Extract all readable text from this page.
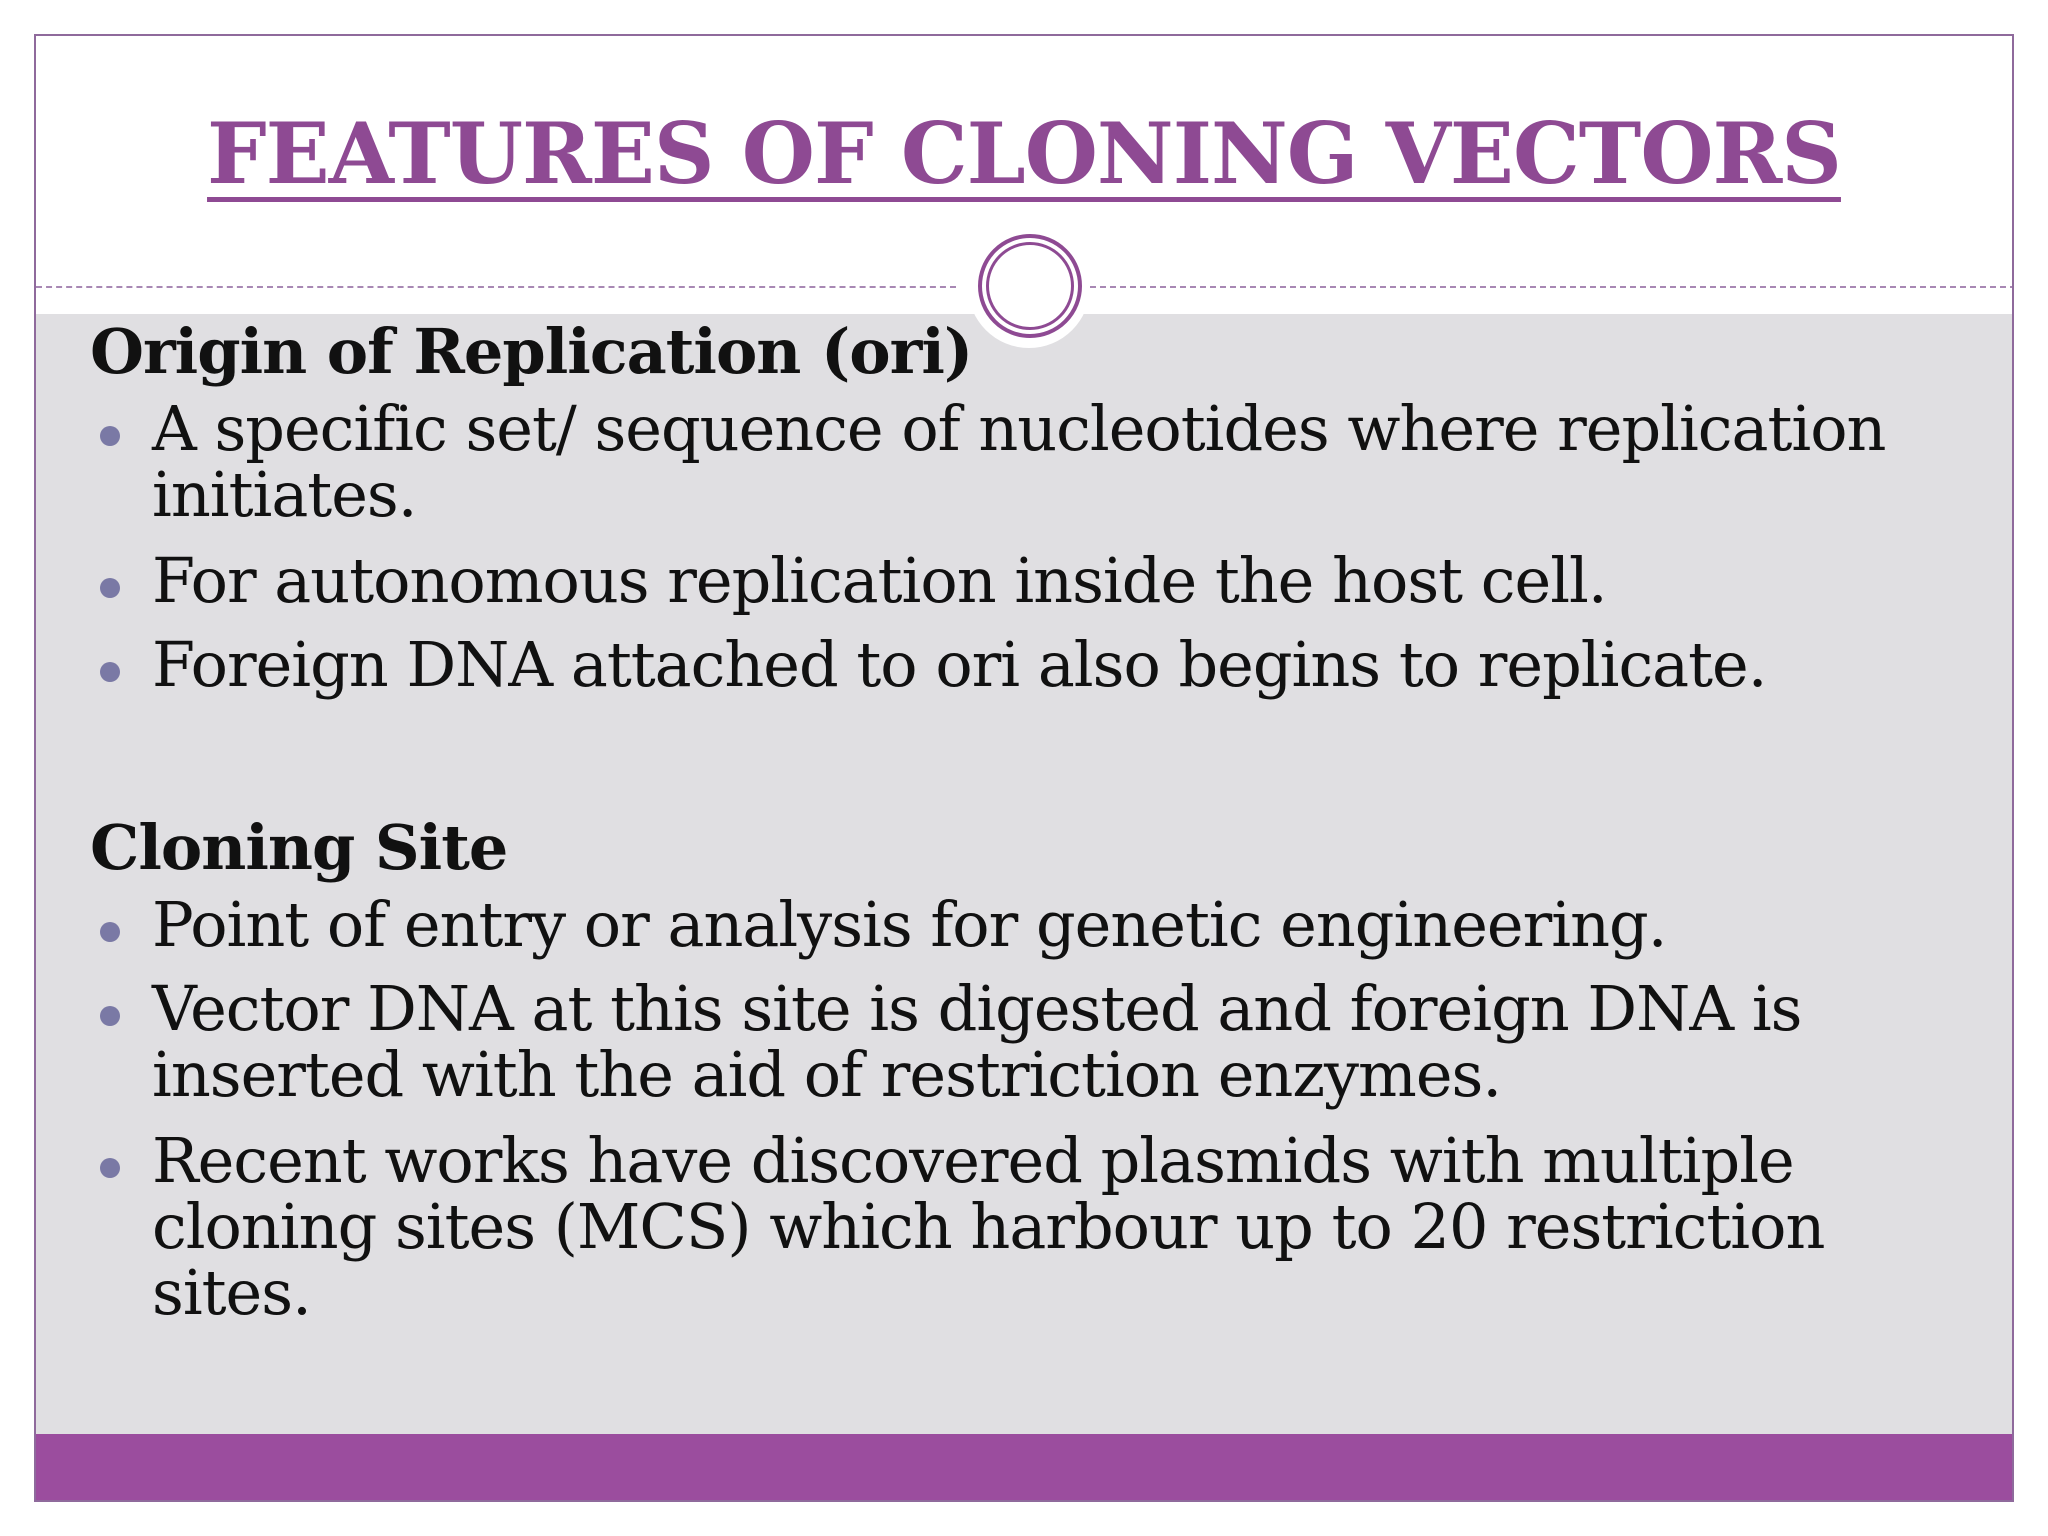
FEATURES OF CLONING VECTORS
Origin of Replication (ori)
A specific set/ sequence of nucleotides where replication initiates.
For autonomous replication inside the host cell.
Foreign DNA attached to ori also begins to replicate.
Cloning Site
Point of entry or analysis for genetic engineering.
Vector DNA at this site is digested and foreign DNA is inserted with the aid of restriction enzymes.
Recent works have discovered plasmids with multiple cloning sites (MCS) which harbour up to 20 restriction sites.
